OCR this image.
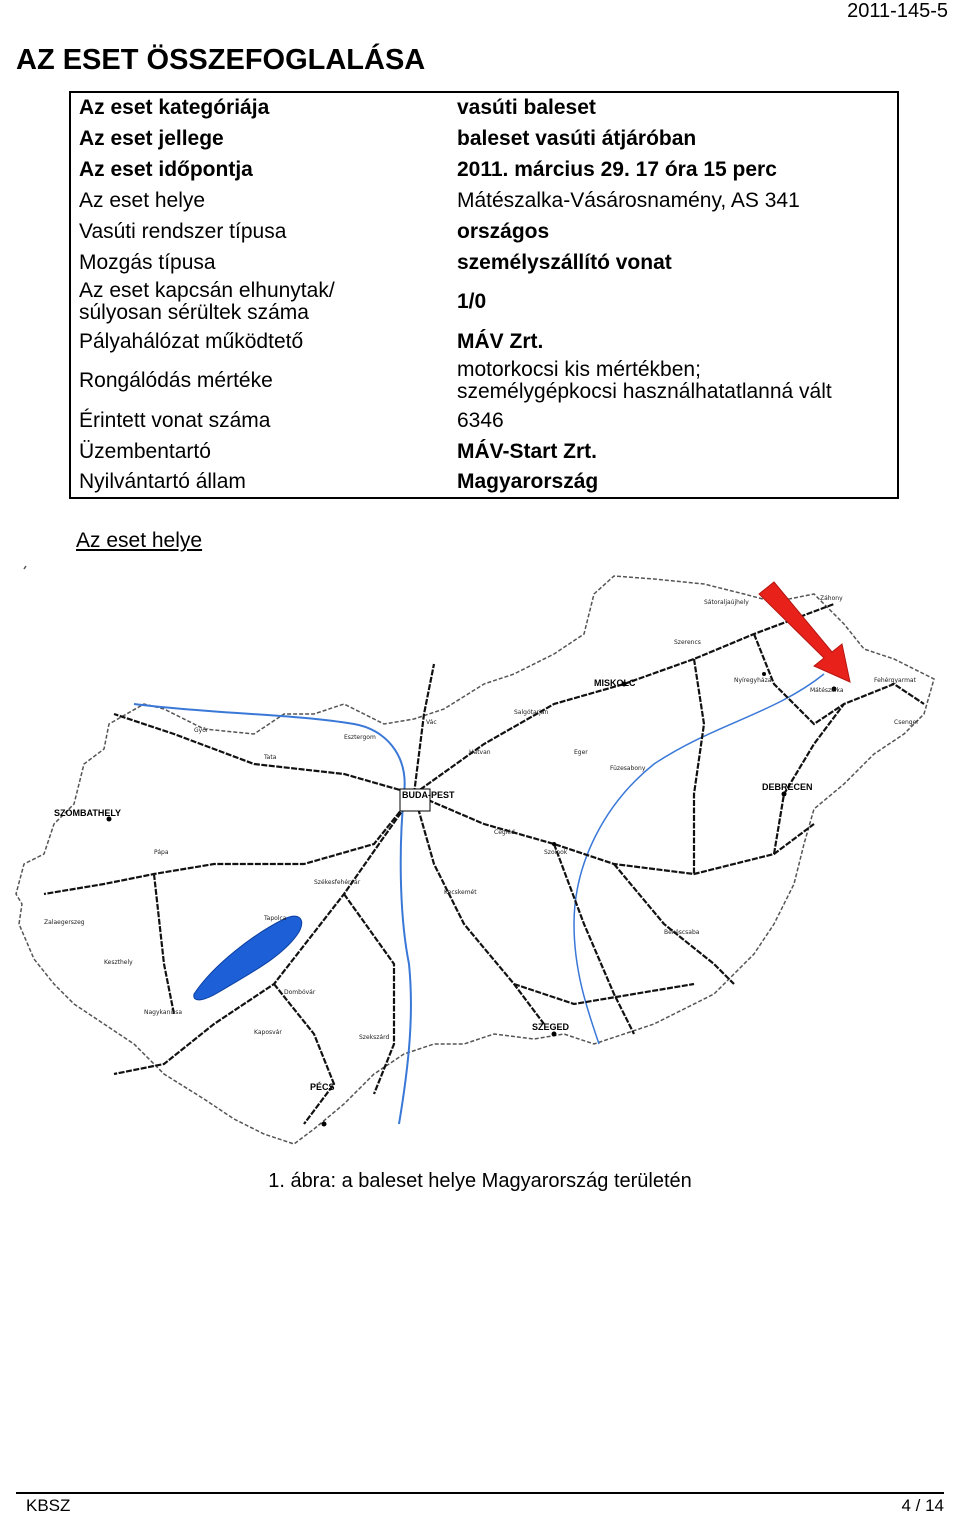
2011-145-5
AZ ESET ÖSSZEFOGLALÁSA
Az eset kategóriája	vasúti baleset
Az eset jellege	baleset vasúti átjáróban
Az eset időpontja	2011. március 29. 17 óra 15 perc
Az eset helye	Mátészalka-Vásárosnamény, AS 341
Vasúti rendszer típusa	országos
Mozgás típusa	személyszállító vonat
Az eset kapcsán elhunytak/
súlyosan sérültek száma	1/0
Pályahálózat működtető	MÁV Zrt.
Rongálódás mértéke	motorkocsi kis mértékben;
személygépkocsi használhatatlanná vált
Érintett vonat száma	6346
Üzembentartó	MÁV-Start Zrt.
Nyilvántartó állam	Magyarország
Az eset helye
BUDA-PEST
DEBRECEN
SZEGED
PÉCS
SZOMBATHELY
MISKOLC
Mátészalka
Záhony
Nyíregyháza
Szolnok
Cegléd
Kecskemét
Győr
Zalaegerszeg
Kaposvár
Dombóvár
Szekszárd
Békéscsaba
Hatvan
Vác
Esztergom
Tata
Pápa
Nagykanizsa
Szerencs
Sátoraljaújhely
Salgótarján
Eger
Füzesabony
Csenger
Fehérgyarmat
Székesfehérvár
Tapolca
Keszthely
1. ábra: a baleset helye Magyarország területén
KBSZ	4 / 14
